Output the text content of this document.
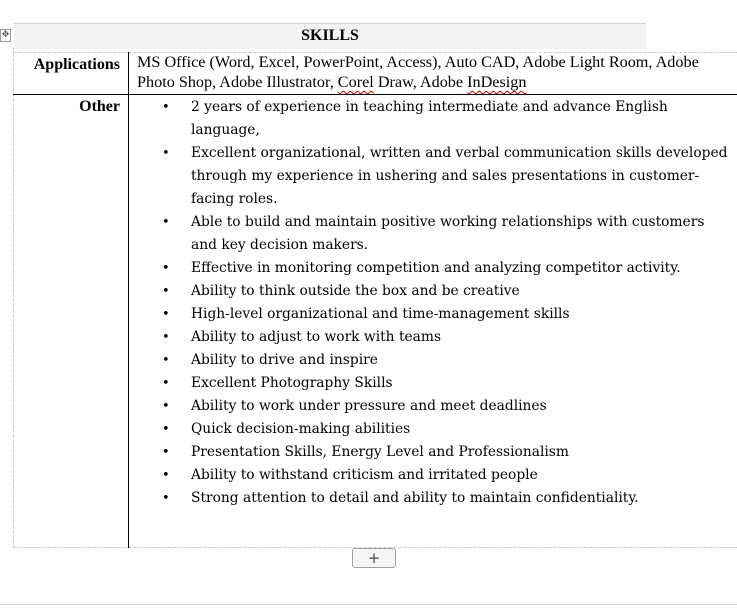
✥	SKILLS
Applications MS Office (Word, Excel, PowerPoint, Access), Auto CAD, Adobe Light Room, Adobe Photo Shop, Adobe Illustrator, Corel Draw, Adobe InDesign
Other	• 2 years of experience in teaching intermediate and advance English language,
• Excellent organizational, written and verbal communication skills developed through my experience in ushering and sales presentations in customer-facing roles.
• Able to build and maintain positive working relationships with customers and key decision makers.
• Effective in monitoring competition and analyzing competitor activity.
• Ability to think outside the box and be creative
• High-level organizational and time-management skills
• Ability to adjust to work with teams
• Ability to drive and inspire
• Excellent Photography Skills
• Ability to work under pressure and meet deadlines
• Quick decision-making abilities
• Presentation Skills, Energy Level and Professionalism
• Ability to withstand criticism and irritated people
• Strong attention to detail and ability to maintain confidentiality.
+
